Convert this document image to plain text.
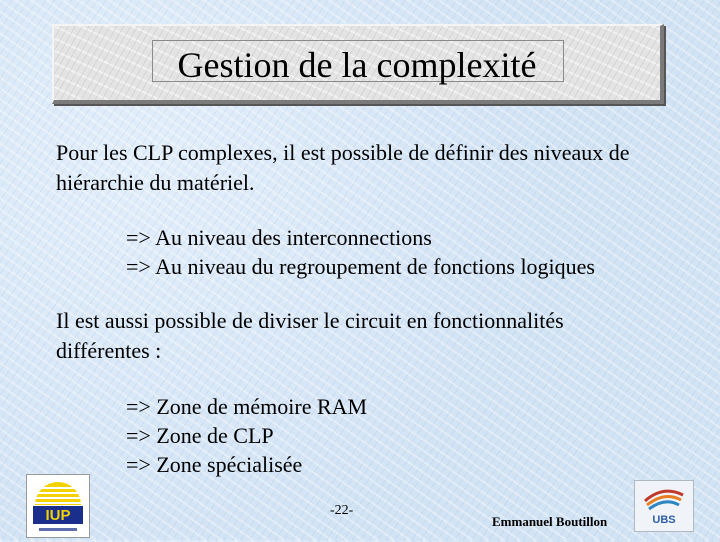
Gestion de la complexité
Pour les CLP complexes, il est possible de définir des niveaux de
hiérarchie du matériel.
=> Au niveau des interconnections
=> Au niveau du regroupement de fonctions logiques
Il est aussi possible de diviser le circuit en fonctionnalités
différentes :
=> Zone de mémoire RAM
=> Zone de CLP
=> Zone spécialisée
IUP	-22-
Emmanuel Boutillon	UBS
